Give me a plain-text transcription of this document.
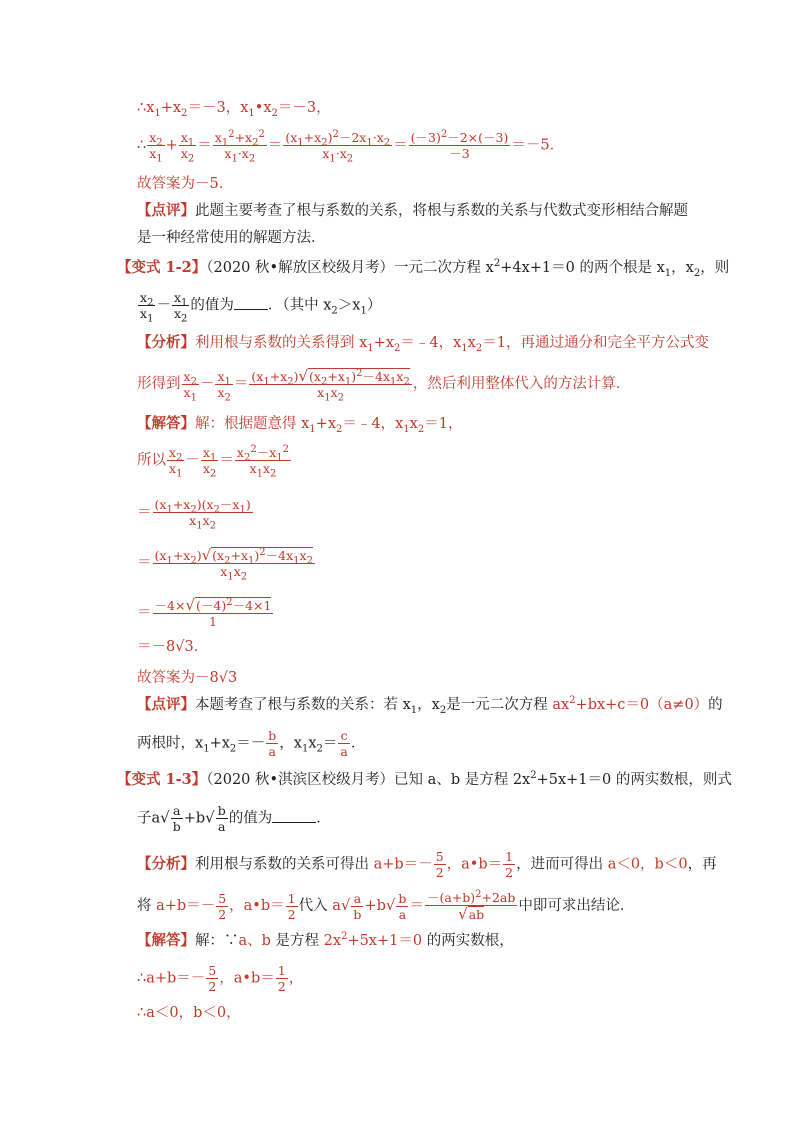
$\therefore x_1+x_2=-3$，$x_1•x_2=-3$，
∴ $\frac{x_2}{x_1} + \frac{x_1}{x_2} = \frac{x_1^2+x_2^2}{x_1\cdot x_2} = \frac{(x_1+x_2)^2-2x_1\cdot x_2}{x_1\cdot x_2} = \frac{(-3)^2-2\times(-3)}{-3} =-5$．
故答案为－5．
【点评】此题主要考查了根与系数的关系，将根与系数的关系与代数式变形相结合解题
是一种经常使用的解题方法．
【变式 1-2】（2020 秋•解放区校级月考）一元二次方程 $x^2+4x+1=0$ 的两个根是 $x_1$，$x_2$，则
$\frac{x_2}{x_1} - \frac{x_1}{x_2}$ 的值为 ．（其中 $x_2>x_1$）
【分析】利用根与系数的关系得到 $x_1+x_2=﹣4$，$x_1x_2=1$，再通过通分和完全平方公式变
形得到 $\frac{x_2}{x_1} - \frac{x_1}{x_2} = \frac{(x_1+x_2)√(x_2+x_1)^2-4x_1x_2}{x_1x_2}$ ，然后利用整体代入的方法计算．
【解答】解：根据题意得 $x_1+x_2=﹣4$，$x_1x_2=1$，
所以 $\frac{x_2}{x_1} - \frac{x_1}{x_2} = \frac{x_2^2-x_1^2}{x_1x_2}$
＝ $\frac{(x_1+x_2)(x_2-x_1)}{x_1x_2}$
＝ $\frac{(x_1+x_2)√(x_2+x_1)^2-4x_1x_2}{x_1x_2}$
＝ $\frac{-4\times√(-4)^2-4\times 1}{1}$
＝－8√3．
故答案为－8√3
【点评】本题考查了根与系数的关系：若 $x_1$，$x_2$是一元二次方程 $ax^2+bx+c=0(a\ne 0)$的
两根时，$x_1+x_2=- \frac{b}{a}$ ，$x_1x_2= \frac{c}{a}$ ．
【变式 1-3】（2020 秋•淇滨区校级月考）已知 a、b 是方程 $2x^2+5x+1=0$ 的两实数根，则式
子$a√ \frac{a}{b} +b√ \frac{b}{a}$ 的值为	．
【分析】利用根与系数的关系可得出 $a+b=- \frac{5}{2}$ ，a•b＝ $\frac{1}{2}$ ，进而可得出 a＜0，b＜0，再
将 $a+b=- \frac{5}{2}$ ，a•b＝ $\frac{1}{2}$ 代入 $a√ \frac{a}{b} +b√ \frac{b}{a} = \frac{-(a+b)^2+2ab}{√ab}$ 中即可求出结论．
【解答】解：∵a、b 是方程 $2x^2+5x+1=0$ 的两实数根，
∴a+b＝－ $\frac{5}{2}$ ，a•b＝ $\frac{1}{2}$ ，
∴a＜0，b＜0，
